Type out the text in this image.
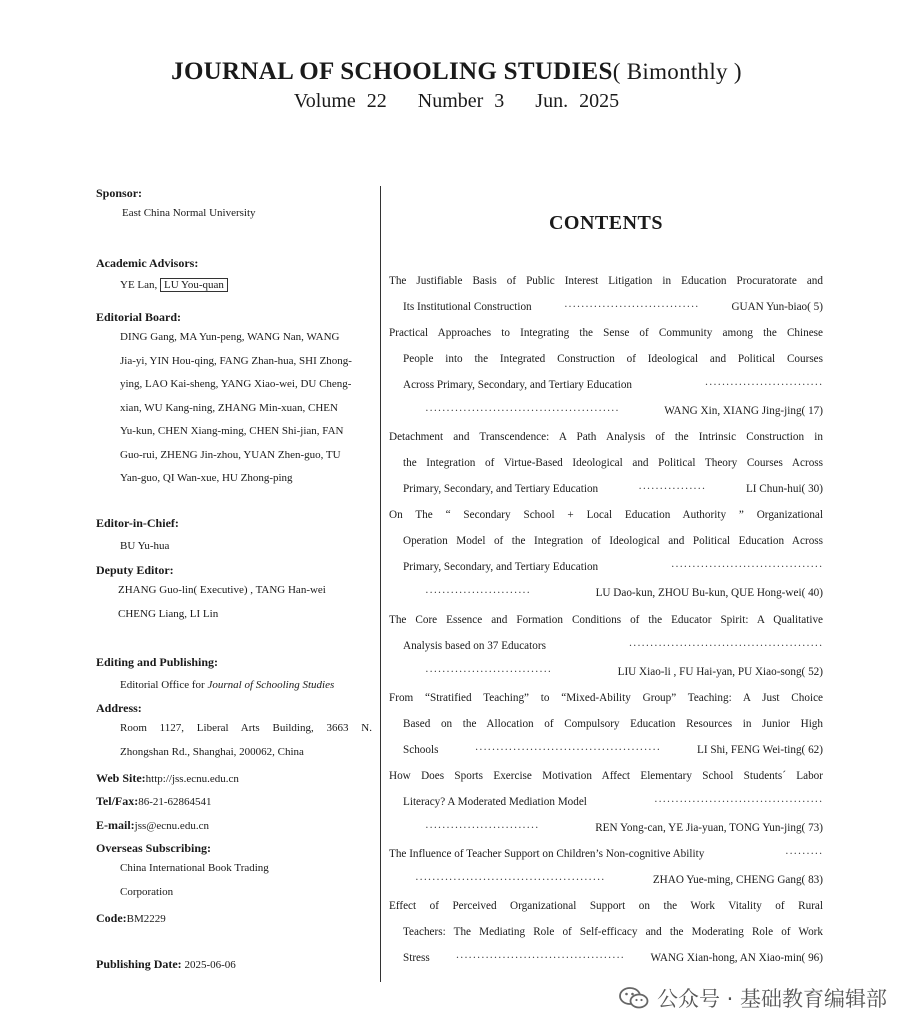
JOURNAL OF SCHOOLING STUDIES( Bimonthly )
Volume 22 Number 3 Jun. 2025
Sponsor:
East China Normal University
Academic Advisors:
YE Lan, LU You-quan
Editorial Board:
DING Gang, MA Yun-peng, WANG Nan, WANG
Jia-yi, YIN Hou-qing, FANG Zhan-hua, SHI Zhong-
ying, LAO Kai-sheng, YANG Xiao-wei, DU Cheng-
xian, WU Kang-ning, ZHANG Min-xuan, CHEN
Yu-kun, CHEN Xiang-ming, CHEN Shi-jian, FAN
Guo-rui, ZHENG Jin-zhou, YUAN Zhen-guo, TU
Yan-guo, QI Wan-xue, HU Zhong-ping
Editor-in-Chief:
BU Yu-hua
Deputy Editor:
ZHANG Guo-lin( Executive) , TANG Han-wei
CHENG Liang, LI Lin
Editing and Publishing:
Editorial Office for Journal of Schooling Studies
Address:
Room 1127, Liberal Arts Building, 3663 N.
Zhongshan Rd., Shanghai, 200062, China
Web Site:http://jss.ecnu.edu.cn
Tel/Fax:86-21-62864541
E-mail:jss@ecnu.edu.cn
Overseas Subscribing:
China International Book Trading
Corporation
Code:BM2229
Publishing Date: 2025-06-06
CONTENTS
The Justifiable Basis of Public Interest Litigation in Education Procuratorate and
Its Institutional Construction	································	GUAN Yun-biao( 5)
Practical Approaches to Integrating the Sense of Community among the Chinese
People into the Integrated Construction of Ideological and Political Courses
Across Primary, Secondary, and Tertiary Education	····························
··············································	WANG Xin, XIANG Jing-jing( 17)
Detachment and Transcendence: A Path Analysis of the Intrinsic Construction in
the Integration of Virtue-Based Ideological and Political Theory Courses Across
Primary, Secondary, and Tertiary Education	················	LI Chun-hui( 30)
On The “ Secondary School + Local Education Authority ” Organizational
Operation Model of the Integration of Ideological and Political Education Across
Primary, Secondary, and Tertiary Education	····································
·························	LU Dao-kun, ZHOU Bu-kun, QUE Hong-wei( 40)
The Core Essence and Formation Conditions of the Educator Spirit: A Qualitative
Analysis based on 37 Educators	··············································
······························	LIU Xiao-li , FU Hai-yan, PU Xiao-song( 52)
From “Stratified Teaching” to “Mixed-Ability Group” Teaching: A Just Choice
Based on the Allocation of Compulsory Education Resources in Junior High
Schools	············································	LI Shi, FENG Wei-ting( 62)
How Does Sports Exercise Motivation Affect Elementary School Students´ Labor
Literacy? A Moderated Mediation Model	········································
···························	REN Yong-can, YE Jia-yuan, TONG Yun-jing( 73)
The Influence of Teacher Support on Children’s Non-cognitive Ability	·········
·············································	ZHAO Yue-ming, CHENG Gang( 83)
Effect of Perceived Organizational Support on the Work Vitality of Rural
Teachers: The Mediating Role of Self-efficacy and the Moderating Role of Work
Stress ········································ WANG Xian-hong, AN Xiao-min( 96)
公众号 · 基础教育编辑部
